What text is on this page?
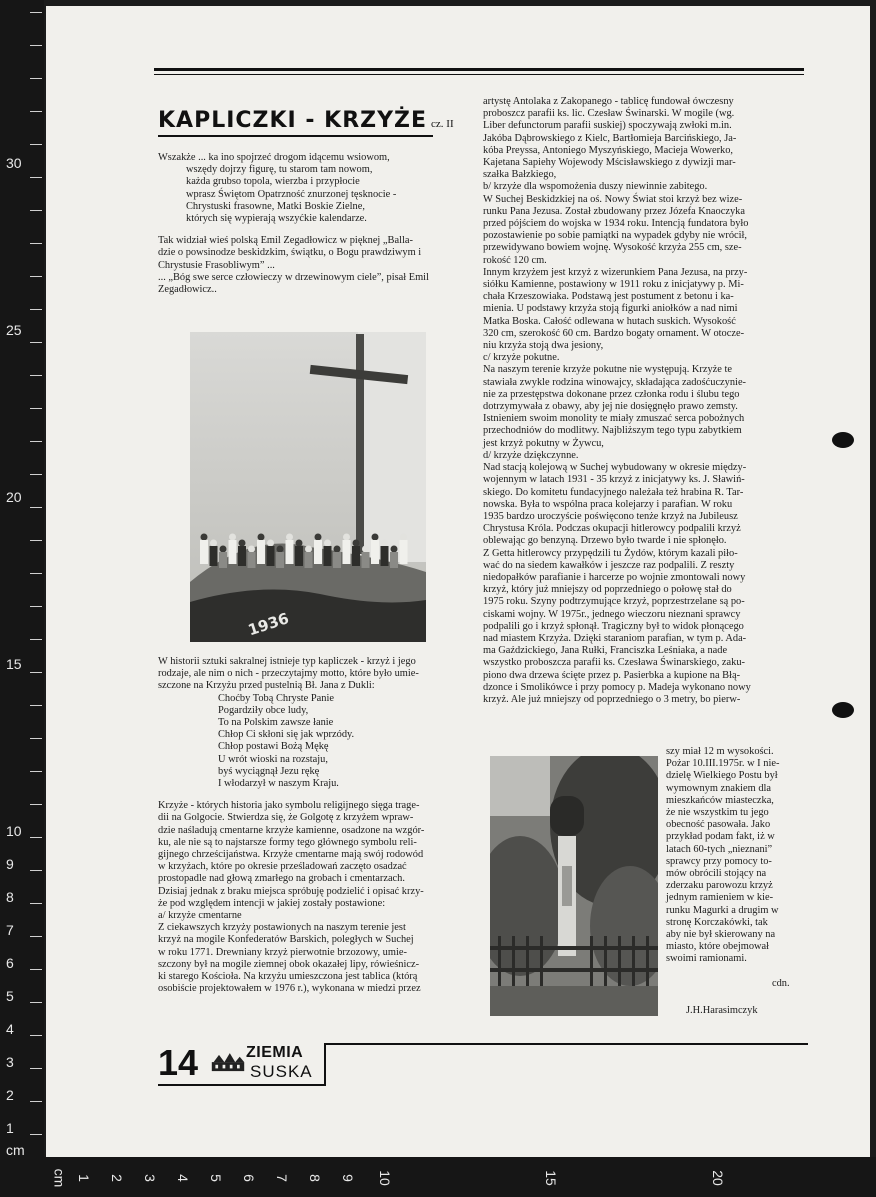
30
25
20
15
10
9
8
7
6
5
4
3
2
1
cm
cm 1 2 3 4 5 6 7 8 9 10	15	20
KAPLICZKI - KRZYŻE cz. II

Wszakże ... ka ino spojrzeć drogom idącemu wsiowom,

wszędy dojrzy figurę, tu starom tam nowom,

każda grubso topola, wierzba i przypłocie

wprasz Świętom Opatrzność znurzonej tęsknocie -

Chrystuski frasowne, Matki Boskie Zielne,

których się wypierają wszyćkie kalendarze.

Tak widział wieś polską Emil Zegadłowicz w pięknej „Balla-

dzie o powsinodze beskidzkim, świątku, o Bogu prawdziwym i

Chrystusie Frasobliwym” ...

... „Bóg swe serce człowieczy w drzewinowym ciele”, pisał Emil

Zegadłowicz..

1936

W historii sztuki sakralnej istnieje typ kapliczek - krzyż i jego

rodzaje, ale nim o nich - przeczytajmy motto, które było umie-

szczone na Krzyżu przed pustelnią Bł. Jana z Dukli:

Choćby Tobą Chryste Panie

Pogardziły obce ludy,

To na Polskim zawsze łanie

Chłop Ci skłoni się jak wprzódy.

Chłop postawi Bożą Mękę

U wrót wioski na rozstaju,

byś wyciągnął Jezu rękę

I włodarzył w naszym Kraju.

Krzyże - których historia jako symbolu religijnego sięga trage-

dii na Golgocie. Stwierdza się, że Golgotę z krzyżem wpraw-

dzie naśladują cmentarne krzyże kamienne, osadzone na wzgór-

ku, ale nie są to najstarsze formy tego głównego symbolu reli-

gijnego chrześcijaństwa. Krzyże cmentarne mają swój rodowód

w krzyżach, które po okresie prześladowań zaczęto osadzać

prostopadle nad głową zmarłego na grobach i cmentarzach.

Dzisiaj jednak z braku miejsca spróbuję podzielić i opisać krzy-

że pod względem intencji w jakiej zostały postawione:

a/ krzyże cmentarne

Z ciekawszych krzyży postawionych na naszym terenie jest

krzyż na mogile Konfederatów Barskich, poległych w Suchej

w roku 1771. Drewniany krzyż pierwotnie brzozowy, umie-

szczony był na mogile ziemnej obok okazałej lipy, rówieśnicz-

ki starego Kościoła. Na krzyżu umieszczona jest tablica (którą

osobiście projektowałem w 1976 r.), wykonana w miedzi przez

artystę Antolaka z Zakopanego - tablicę fundował ówczesny

proboszcz parafii ks. lic. Czesław Świnarski. W mogile (wg.

Liber defunctorum parafii suskiej) spoczywają zwłoki m.in.

Jakóba Dąbrowskiego z Kielc, Bartłomieja Barcińskiego, Ja-

kóba Preyssa, Antoniego Myszyńskiego, Macieja Wowerko,

Kajetana Sapiehy Wojewody Mścisławskiego z dywizji mar-

szałka Bałzkiego,

b/ krzyże dla wspomożenia duszy niewinnie zabitego.

W Suchej Beskidzkiej na oś. Nowy Świat stoi krzyż bez wize-

runku Pana Jezusa. Został zbudowany przez Józefa Knaoczyka

przed pójściem do wojska w 1934 roku. Intencją fundatora było

pozostawienie po sobie pamiątki na wypadek gdyby nie wrócił,

przewidywano bowiem wojnę. Wysokość krzyża 255 cm, sze-

rokość 120 cm.

Innym krzyżem jest krzyż z wizerunkiem Pana Jezusa, na przy-

siółku Kamienne, postawiony w 1911 roku z inicjatywy p. Mi-

chała Krzeszowiaka. Podstawą jest postument z betonu i ka-

mienia. U podstawy krzyża stoją figurki aniołków a nad nimi

Matka Boska. Całość odlewana w hutach suskich. Wysokość

320 cm, szerokość 60 cm. Bardzo bogaty ornament. W otocze-

niu krzyża stoją dwa jesiony,

c/ krzyże pokutne.

Na naszym terenie krzyże pokutne nie występują. Krzyże te

stawiała zwykle rodzina winowajcy, składająca zadośćuczynie-

nie za przestępstwa dokonane przez członka rodu i ślubu tego

dotrzymywała z obawy, aby jej nie dosięgnęło prawo zemsty.

Istnieniem swoim monolity te miały zmuszać serca pobożnych

przechodniów do modlitwy. Najbliższym tego typu zabytkiem

jest krzyż pokutny w Żywcu,

d/ krzyże dziękczynne.

Nad stacją kolejową w Suchej wybudowany w okresie między-

wojennym w latach 1931 - 35 krzyż z inicjatywy ks. J. Sławiń-

skiego. Do komitetu fundacyjnego należała też hrabina R. Tar-

nowska. Była to wspólna praca kolejarzy i parafian. W roku

1935 bardzo uroczyście poświęcono tenże krzyż na Jubileusz

Chrystusa Króla. Podczas okupacji hitlerowcy podpalili krzyż

oblewając go benzyną. Drzewo było twarde i nie spłonęło.

Z Getta hitlerowcy przypędzili tu Żydów, którym kazali piło-

wać do na siedem kawałków i jeszcze raz podpalili. Z reszty

niedopałków parafianie i harcerze po wojnie zmontowali nowy

krzyż, który już mniejszy od poprzedniego o połowę stał do

1975 roku. Szyny podtrzymujące krzyż, poprzestrzelane są po-

ciskami wojny. W 1975r., jednego wieczoru nieznani sprawcy

podpalili go i krzyż spłonął. Tragiczny był to widok płonącego

nad miastem Krzyża. Dzięki staraniom parafian, w tym p. Ada-

ma Gaździckiego, Jana Rułki, Franciszka Leśniaka, a nade

wszystko proboszcza parafii ks. Czesława Świnarskiego, zaku-

piono dwa drzewa ścięte przez p. Pasierbka a kupione na Błą-

dzonce i Smolikówce i przy pomocy p. Madeja wykonano nowy

krzyż. Ale już mniejszy od poprzedniego o 3 metry, bo pierw-

szy miał 12 m wysokości.

Pożar 10.III.1975r. w I nie-

dzielę Wielkiego Postu był

wymownym znakiem dla

mieszkańców miasteczka,

że nie wszystkim tu jego

obecność pasowała. Jako

przykład podam fakt, iż w

latach 60-tych „nieznani”

sprawcy przy pomocy to-

mów obrócili stojący na

zderzaku parowozu krzyż

jednym ramieniem w kie-

runku Magurki a drugim w

stronę Korczakówki, tak

aby nie był skierowany na

miasto, które obejmował

swoimi ramionami.

cdn.
J.H.Harasimczyk
14	ZIEMIA
SUSKA
